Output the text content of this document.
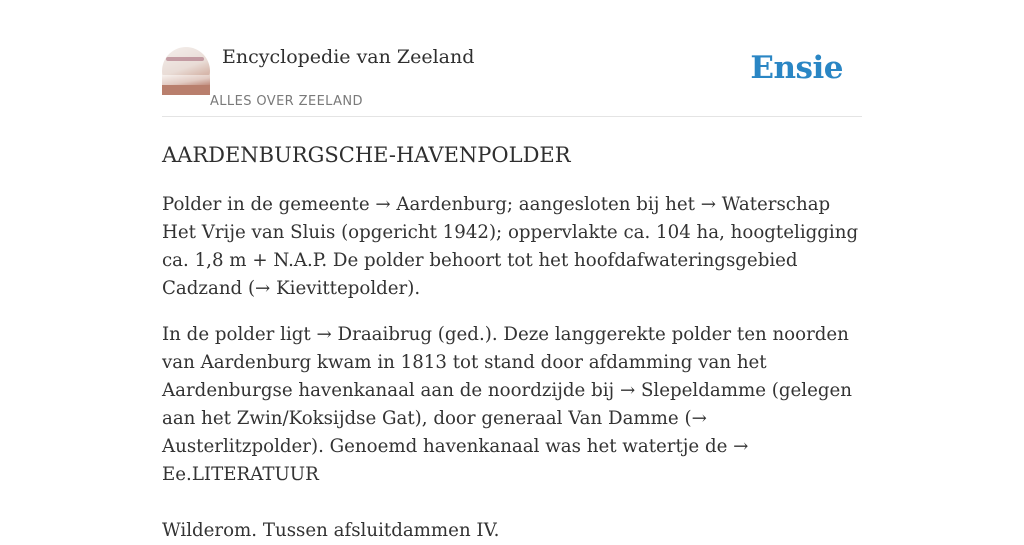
Encyclopedie van Zeeland
ALLES OVER ZEELAND
Ensie
AARDENBURGSCHE-HAVENPOLDER

Polder in de gemeente → Aardenburg; aangesloten bij het → Waterschap Het Vrije van Sluis (opgericht 1942); oppervlakte ca. 104 ha, hoogteligging ca. 1,8 m + N.A.P. De polder behoort tot het hoofdafwateringsgebied Cadzand (→ Kievittepolder).

In de polder ligt → Draaibrug (ged.). Deze langgerekte polder ten noorden van Aardenburg kwam in 1813 tot stand door afdamming van het Aardenburgse havenkanaal aan de noordzijde bij → Slepeldamme (gelegen aan het Zwin/Koksijdse Gat), door generaal Van Damme (→ Austerlitzpolder). Genoemd havenkanaal was het watertje de → Ee.LITERATUUR

Wilderom. Tussen afsluitdammen IV.
